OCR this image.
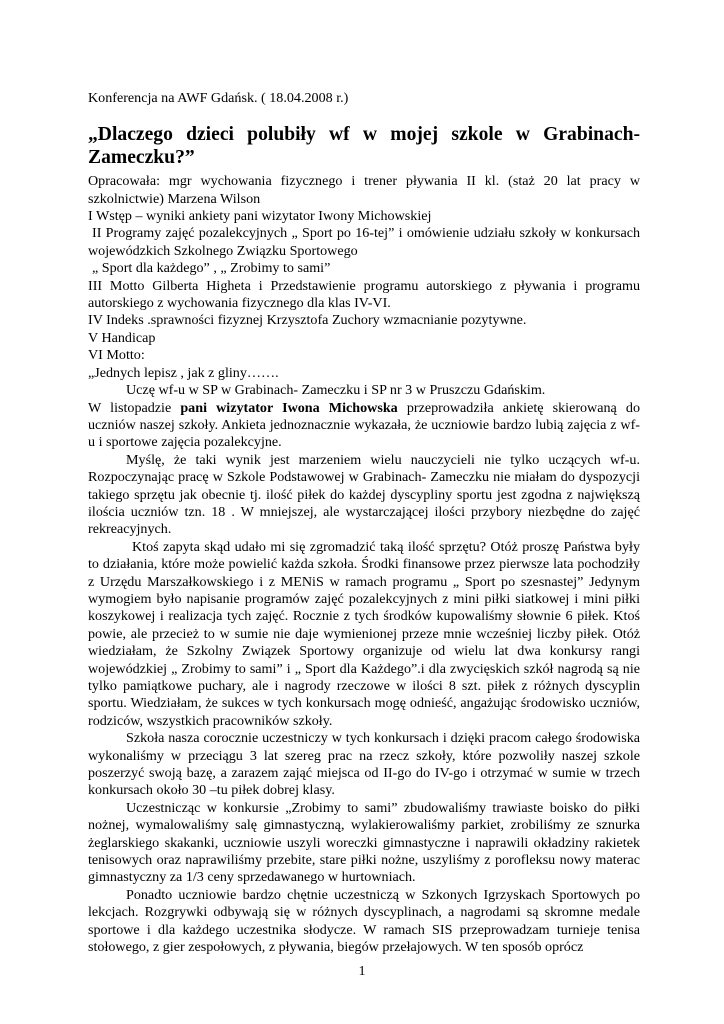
Konferencja na AWF Gdańsk. ( 18.04.2008 r.)

„Dlaczego dzieci polubiły wf w mojej szkole w Grabinach-Zameczku?”

Opracowała: mgr wychowania fizycznego i trener pływania II kl. (staż 20 lat pracy w szkolnictwie) Marzena Wilson

I Wstęp – wyniki ankiety pani wizytator Iwony Michowskiej

II Programy zajęć pozalekcyjnych „ Sport po 16-tej” i omówienie udziału szkoły w konkursach wojewódzkich Szkolnego Związku Sportowego

„ Sport dla każdego” , „ Zrobimy to sami”

III Motto Gilberta Higheta i Przedstawienie programu autorskiego z pływania i programu autorskiego z wychowania fizycznego dla klas IV-VI.

IV Indeks .sprawności fizyznej Krzysztofa Zuchory wzmacnianie pozytywne.

V Handicap

VI Motto:

„Jednych lepisz , jak z gliny…….

Uczę wf-u w SP w Grabinach- Zameczku i SP nr 3 w Pruszczu Gdańskim.

W listopadzie pani wizytator Iwona Michowska przeprowadziła ankietę skierowaną do uczniów naszej szkoły. Ankieta jednoznacznie wykazała, że uczniowie bardzo lubią zajęcia z wf-u i sportowe zajęcia pozalekcyjne.

Myślę, że taki wynik jest marzeniem wielu nauczycieli nie tylko uczących wf-u. Rozpoczynając pracę w Szkole Podstawowej w Grabinach- Zameczku nie miałam do dyspozycji takiego sprzętu jak obecnie tj. ilość piłek do każdej dyscypliny sportu jest zgodna z największą ilościa uczniów tzn. 18 . W mniejszej, ale wystarczającej ilości przybory niezbędne do zajęć rekreacyjnych.

Ktoś zapyta skąd udało mi się zgromadzić taką ilość sprzętu? Otóż proszę Państwa były to działania, które może powielić każda szkoła. Środki finansowe przez pierwsze lata pochodziły z Urzędu Marszałkowskiego i z MENiS w ramach programu „ Sport po szesnastej” Jedynym wymogiem było napisanie programów zajęć pozalekcyjnych z mini piłki siatkowej i mini piłki koszykowej i realizacja tych zajęć. Rocznie z tych środków kupowaliśmy słownie 6 piłek. Ktoś powie, ale przecież to w sumie nie daje wymienionej przeze mnie wcześniej liczby piłek. Otóż wiedziałam, że Szkolny Związek Sportowy organizuje od wielu lat dwa konkursy rangi wojewódzkiej „ Zrobimy to sami” i „ Sport dla Każdego”.i dla zwycięskich szkół nagrodą są nie tylko pamiątkowe puchary, ale i nagrody rzeczowe w ilości 8 szt. piłek z różnych dyscyplin sportu. Wiedziałam, że sukces w tych konkursach mogę odnieść, angażując środowisko uczniów, rodziców, wszystkich pracowników szkoły.

Szkoła nasza corocznie uczestniczy w tych konkursach i dzięki pracom całego środowiska wykonaliśmy w przeciągu 3 lat szereg prac na rzecz szkoły, które pozwoliły naszej szkole poszerzyć swoją bazę, a zarazem zająć miejsca od II-go do IV-go i otrzymać w sumie w trzech konkursach około 30 –tu piłek dobrej klasy.

Uczestnicząc w konkursie „Zrobimy to sami” zbudowaliśmy trawiaste boisko do piłki nożnej, wymalowaliśmy salę gimnastyczną, wylakierowaliśmy parkiet, zrobiliśmy ze sznurka żeglarskiego skakanki, uczniowie uszyli woreczki gimnastyczne i naprawili okładziny rakietek tenisowych oraz naprawiliśmy przebite, stare piłki nożne, uszyliśmy z porofleksu nowy materac gimnastyczny za 1/3 ceny sprzedawanego w hurtowniach.

Ponadto uczniowie bardzo chętnie uczestniczą w Szkonych Igrzyskach Sportowych po lekcjach. Rozgrywki odbywają się w różnych dyscyplinach, a nagrodami są skromne medale sportowe i dla każdego uczestnika słodycze. W ramach SIS przeprowadzam turnieje tenisa stołowego, z gier zespołowych, z pływania, biegów przełajowych. W ten sposób oprócz

1
